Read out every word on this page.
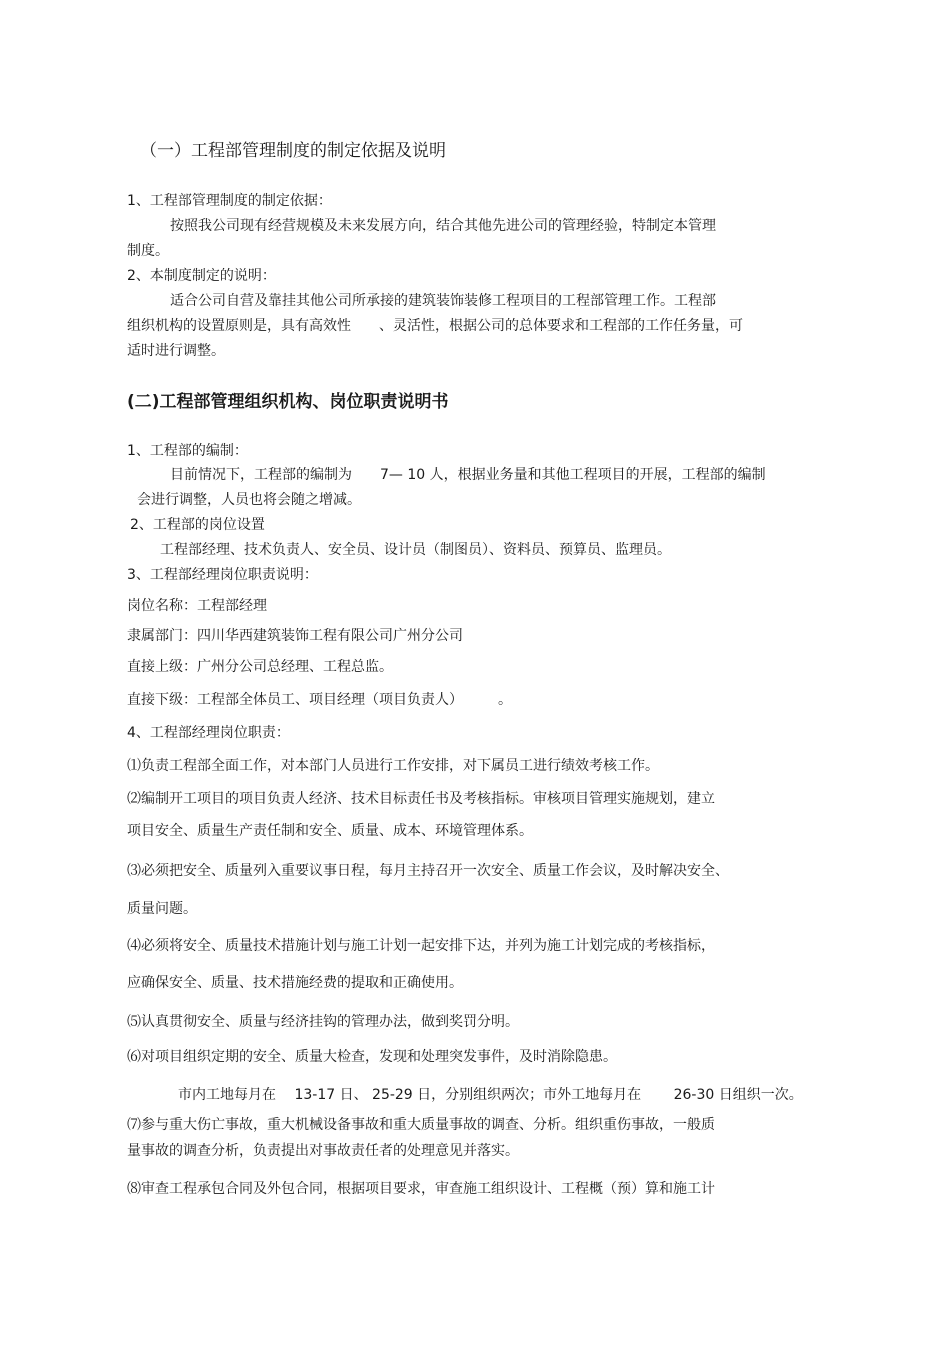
（一）工程部管理制度的制定依据及说明
1、工程部管理制度的制定依据：
按照我公司现有经营规模及未来发展方向，结合其他先进公司的管理经验，特制定本管理
制度。
2、本制度制定的说明：
适合公司自营及靠挂其他公司所承接的建筑装饰装修工程项目的工程部管理工作。工程部
组织机构的设置原则是，具有高效性　　、灵活性，根据公司的总体要求和工程部的工作任务量，可
适时进行调整。
(二)工程部管理组织机构、岗位职责说明书
1、工程部的编制：
目前情况下，工程部的编制为　　7— 10 人，根据业务量和其他工程项目的开展，工程部的编制
会进行调整，人员也将会随之增减。
2、工程部的岗位设置
工程部经理、技术负责人、安全员、设计员（制图员）、资料员、预算员、监理员。
3、工程部经理岗位职责说明：
岗位名称：工程部经理
隶属部门：四川华西建筑装饰工程有限公司广州分公司
直接上级：广州分公司总经理、工程总监。
直接下级：工程部全体员工、项目经理（项目负责人）　　　。
4、工程部经理岗位职责：
⑴负责工程部全面工作，对本部门人员进行工作安排，对下属员工进行绩效考核工作。
⑵编制开工项目的项目负责人经济、技术目标责任书及考核指标。审核项目管理实施规划，建立
项目安全、质量生产责任制和安全、质量、成本、环境管理体系。
⑶必须把安全、质量列入重要议事日程，每月主持召开一次安全、质量工作会议，及时解决安全、
质量问题。
⑷必须将安全、质量技术措施计划与施工计划一起安排下达，并列为施工计划完成的考核指标，
应确保安全、质量、技术措施经费的提取和正确使用。
⑸认真贯彻安全、质量与经济挂钩的管理办法，做到奖罚分明。
⑹对项目组织定期的安全、质量大检查，发现和处理突发事件，及时消除隐患。
市内工地每月在　 13-17 日、 25-29 日，分别组织两次；市外工地每月在　　 26-30 日组织一次。
⑺参与重大伤亡事故，重大机械设备事故和重大质量事故的调查、分析。组织重伤事故，一般质
量事故的调查分析，负责提出对事故责任者的处理意见并落实。
⑻审查工程承包合同及外包合同，根据项目要求，审查施工组织设计、工程概（预）算和施工计
